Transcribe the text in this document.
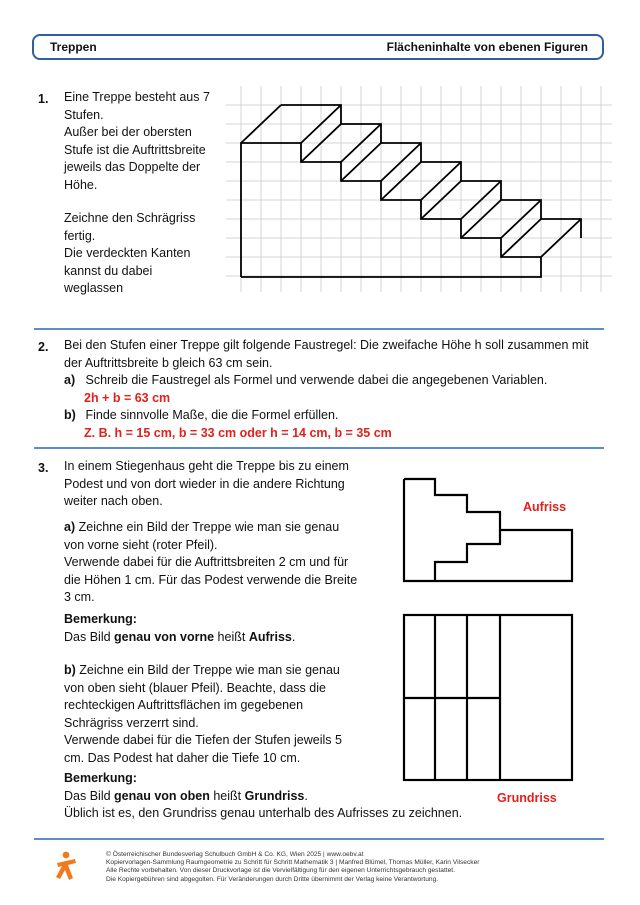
Treppen	Flächeninhalte von ebenen Figuren
1. Eine Treppe besteht aus 7

Stufen.

Außer bei der obersten

Stufe ist die Auftrittsbreite

jeweils das Doppelte der

Höhe.

Zeichne den Schrägriss

fertig.

Die verdeckten Kanten

kannst du dabei

weglassen

2. Bei den Stufen einer Treppe gilt folgende Faustregel: Die zweifache Höhe h soll zusammen mit

der Auftrittsbreite b gleich 63 cm sein.

a) Schreib die Faustregel als Formel und verwende dabei die angegebenen Variablen.

2h + b = 63 cm

b) Finde sinnvolle Maße, die die Formel erfüllen.

Z. B. h = 15 cm, b = 33 cm oder h = 14 cm, b = 35 cm

3. In einem Stiegenhaus geht die Treppe bis zu einem

Podest und von dort wieder in die andere Richtung

weiter nach oben.

a) Zeichne ein Bild der Treppe wie man sie genau

von vorne sieht (roter Pfeil).

Verwende dabei für die Auftrittsbreiten 2 cm und für

die Höhen 1 cm. Für das Podest verwende die Breite

3 cm.

Bemerkung:

Das Bild genau von vorne heißt Aufriss.

b) Zeichne ein Bild der Treppe wie man sie genau

von oben sieht (blauer Pfeil). Beachte, dass die

rechteckigen Auftrittsflächen im gegebenen

Schrägriss verzerrt sind.

Verwende dabei für die Tiefen der Stufen jeweils 5

cm. Das Podest hat daher die Tiefe 10 cm.

Bemerkung:

Das Bild genau von oben heißt Grundriss.

Üblich ist es, den Grundriss genau unterhalb des Aufrisses zu zeichnen.

Aufriss
Grundriss
© Österreichischer Bundesverlag Schulbuch GmbH & Co. KG, Wien 2025 | www.oebv.at
Kopiervorlagen-Sammlung Raumgeometrie zu Schritt für Schritt Mathematik 3 | Manfred Blümel, Thomas Müller, Karin Vilsecker
Alle Rechte vorbehalten. Von dieser Druckvorlage ist die Vervielfältigung für den eigenen Unterrichtsgebrauch gestattet.
Die Kopiergebühren sind abgegolten. Für Veränderungen durch Dritte übernimmt der Verlag keine Verantwortung.
